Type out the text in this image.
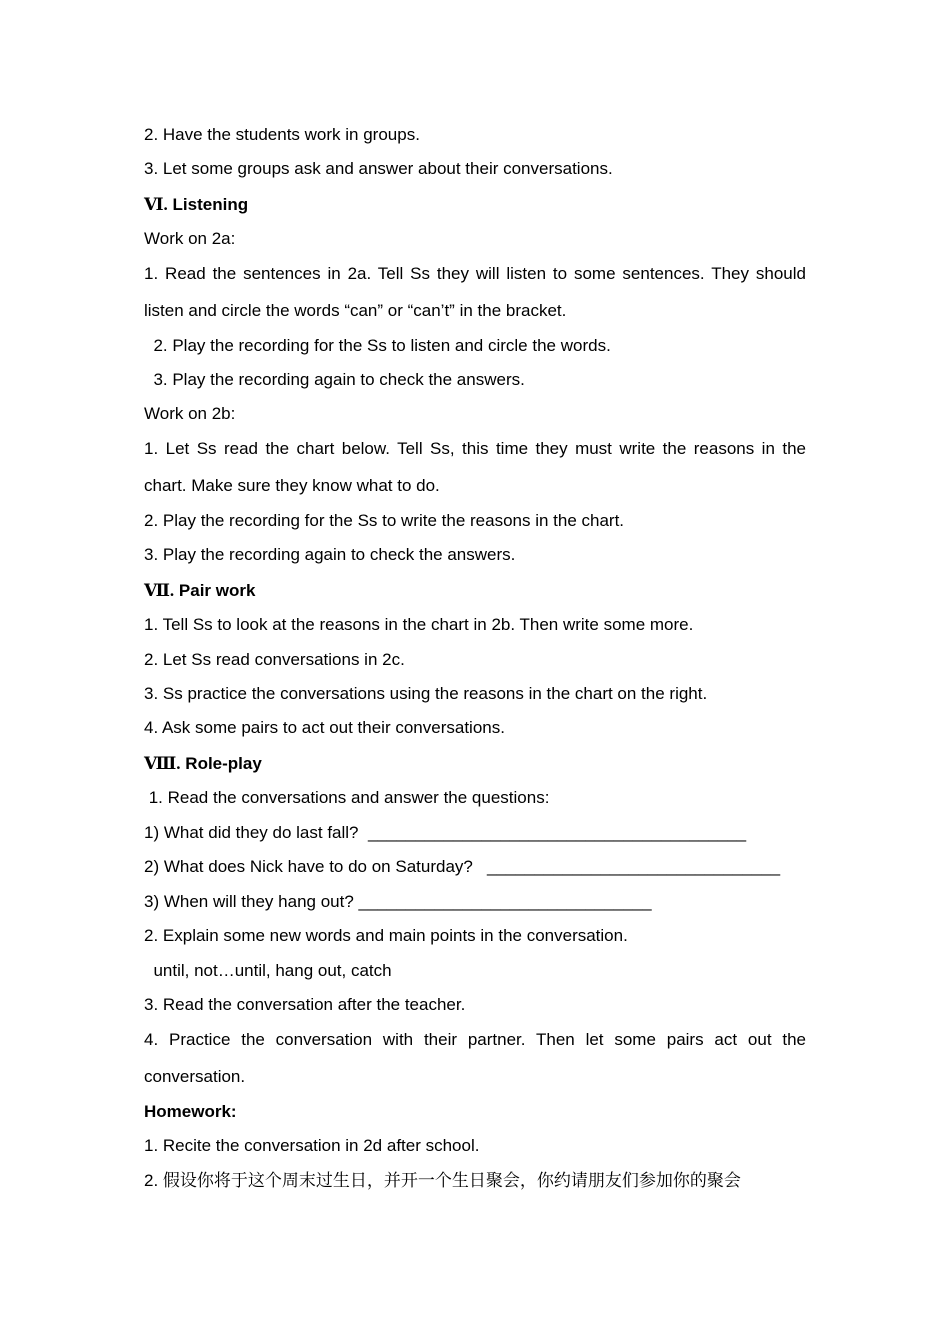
2. Have the students work in groups.
3. Let some groups ask and answer about their conversations.
Ⅵ. Listening
Work on 2a:
1. Read the sentences in 2a. Tell Ss they will listen to some sentences. They should
listen and circle the words “can” or “can’t” in the bracket.
2. Play the recording for the Ss to listen and circle the words.
3. Play the recording again to check the answers.
Work on 2b:
1. Let Ss read the chart below. Tell Ss, this time they must write the reasons in the
chart. Make sure they know what to do.
2. Play the recording for the Ss to write the reasons in the chart.
3. Play the recording again to check the answers.
Ⅶ. Pair work
1. Tell Ss to look at the reasons in the chart in 2b. Then write some more.
2. Let Ss read conversations in 2c.
3. Ss practice the conversations using the reasons in the chart on the right.
4. Ask some pairs to act out their conversations.
Ⅷ. Role-play
1. Read the conversations and answer the questions:
1) What did they do last fall?  ________________________________________
2) What does Nick have to do on Saturday?   _______________________________
3) When will they hang out? _______________________________
2. Explain some new words and main points in the conversation.
until, not…until, hang out, catch
3. Read the conversation after the teacher.
4. Practice the conversation with their partner. Then let some pairs act out the
conversation.
Homework:
1. Recite the conversation in 2d after school.
2. 假设你将于这个周末过生日，并开一个生日聚会，你约请朋友们参加你的聚会
